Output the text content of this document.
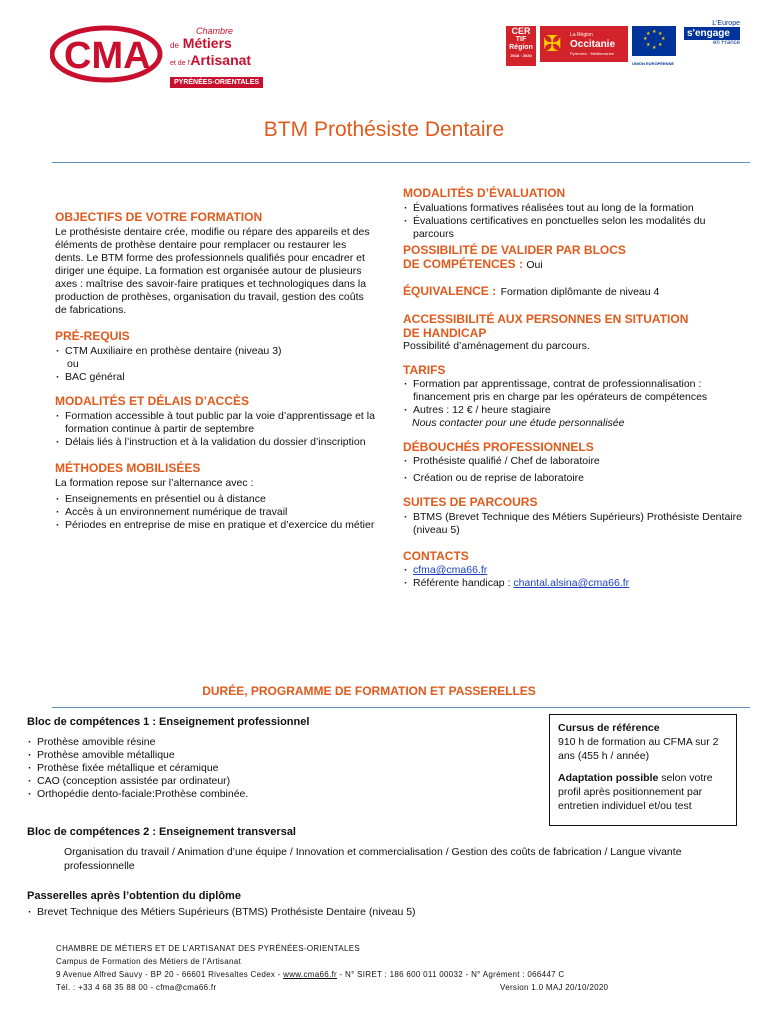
CMA
Chambre
de Métiers
et de l'Artisanat
PYRÉNÉES-ORIENTALES
CER
TIF
Région
2018 · 2020 ✠ La Région
Occitanie
Pyrénées · Méditerranée
★ ★
★
★
★
★
★
★
UNION EUROPÉENNE
L'Europe
s'engage
en France
BTM Prothésiste Dentaire
OBJECTIFS DE VOTRE FORMATION
Le prothésiste dentaire crée, modifie ou répare des appareils et des éléments de prothèse dentaire pour remplacer ou restaurer les dents. Le BTM forme des professionnels qualifiés pour encadrer et diriger une équipe. La formation est organisée autour de plusieurs axes : maîtrise des savoir-faire pratiques et technologiques dans la production de prothèses, organisation du travail, gestion des coûts de fabrications.
PRÉ-REQUIS
· CTM Auxiliaire en prothèse dentaire (niveau 3)
ou
· BAC général
MODALITÉS ET DÉLAIS D’ACCÈS
· Formation accessible à tout public par la voie d’apprentissage et la formation continue à partir de septembre
· Délais liés à l’instruction et à la validation du dossier d’inscription
MÉTHODES MOBILISÉES
La formation repose sur l’alternance avec :
· Enseignements en présentiel ou à distance
· Accès à un environnement numérique de travail
· Périodes en entreprise de mise en pratique et d’exercice du métier
MODALITÉS D’ÉVALUATION
· Évaluations formatives réalisées tout au long de la formation
· Évaluations certificatives en ponctuelles selon les modalités du parcours
POSSIBILITÉ DE VALIDER PAR BLOCS
DE COMPÉTENCES : Oui
ÉQUIVALENCE : Formation diplômante de niveau 4
ACCESSIBILITÉ AUX PERSONNES EN SITUATION
DE HANDICAP
Possibilité d’aménagement du parcours.
TARIFS
· Formation par apprentissage, contrat de professionnalisation : financement pris en charge par les opérateurs de compétences
· Autres : 12 € / heure stagiaire
Nous contacter pour une étude personnalisée
DÉBOUCHÉS PROFESSIONNELS
· Prothésiste qualifié / Chef de laboratoire
· Création ou de reprise de laboratoire
SUITES DE PARCOURS
· BTMS (Brevet Technique des Métiers Supérieurs) Prothésiste Dentaire (niveau 5)
CONTACTS
· cfma@cma66.fr
· Référente handicap : chantal.alsina@cma66.fr
DURÉE, PROGRAMME DE FORMATION ET PASSERELLES
Bloc de compétences 1 : Enseignement professionnel
· Prothèse amovible résine
· Prothèse amovible métallique
· Prothèse fixée métallique et céramique
· CAO (conception assistée par ordinateur)
· Orthopédie dento-faciale:Prothèse combinée.
Cursus de référence
910 h de formation au CFMA sur 2 ans (455 h / année)
Adaptation possible selon votre profil après positionnement par entretien individuel et/ou test
Bloc de compétences 2 : Enseignement transversal
Organisation du travail / Animation d’une équipe / Innovation et commercialisation / Gestion des coûts de fabrication / Langue vivante professionnelle
Passerelles après l’obtention du diplôme
· Brevet Technique des Métiers Supérieurs (BTMS) Prothésiste Dentaire (niveau 5)
CHAMBRE DE MÉTIERS ET DE L’ARTISANAT DES PYRÉNÉES-ORIENTALES
Campus de Formation des Métiers de l’Artisanat
9 Avenue Alfred Sauvy - BP 20 - 66601 Rivesaltes Cedex - www.cma66.fr - N° SIRET : 186 600 011 00032 - N° Agrément : 066447 C
Tél. : +33 4 68 35 88 00 - cfma@cma66.fr	Version 1.0 MAJ 20/10/2020
